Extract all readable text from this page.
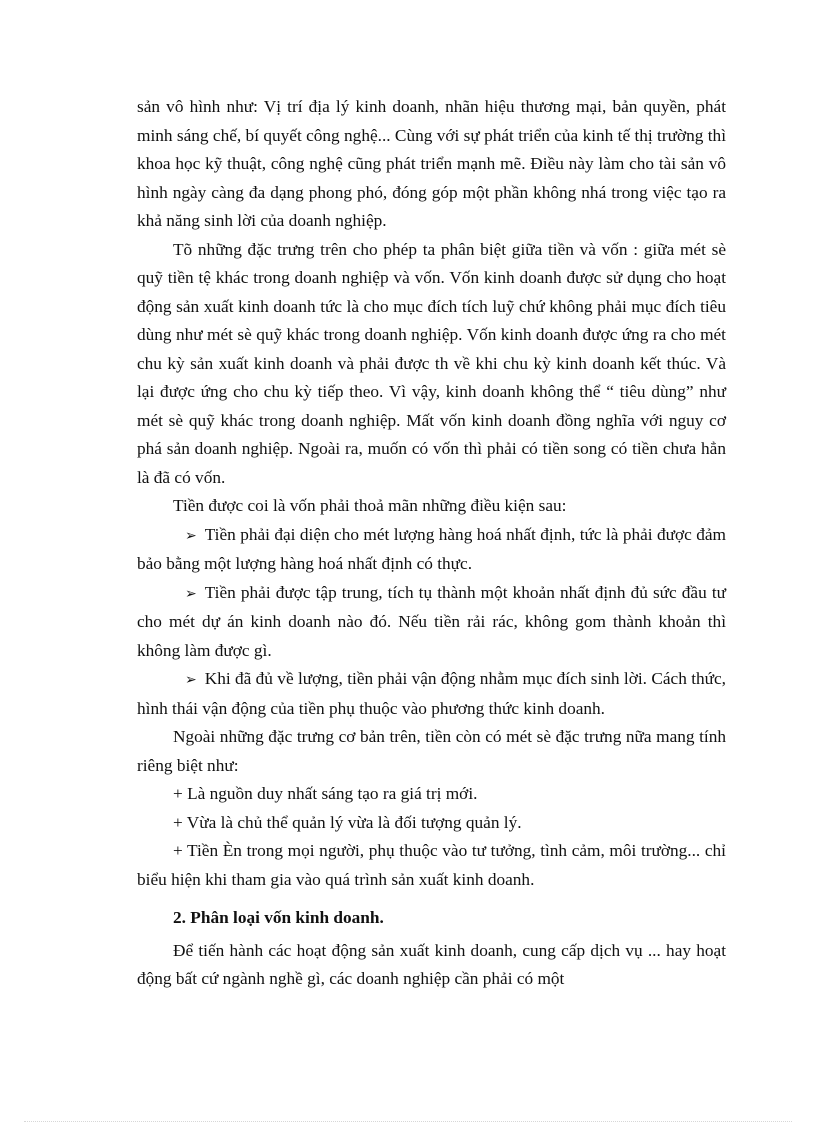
sản vô hình như: Vị trí địa lý kinh doanh, nhãn hiệu thương mại, bản quyền, phát minh sáng chế, bí quyết công nghệ... Cùng với sự phát triển của kinh tế thị trường thì khoa học kỹ thuật, công nghệ cũng phát triển mạnh mẽ. Điều này làm cho tài sản vô hình ngày càng đa dạng phong phó, đóng góp một phần không nhá trong việc tạo ra khả năng sinh lời của doanh nghiệp.

Tõ những đặc trưng trên cho phép ta phân biệt giữa tiền và vốn : giữa mét sè quỹ tiền tệ khác trong doanh nghiệp và vốn. Vốn kinh doanh được sử dụng cho hoạt động sản xuất kinh doanh tức là cho mục đích tích luỹ chứ không phải mục đích tiêu dùng như mét sè quỹ khác trong doanh nghiệp. Vốn kinh doanh được ứng ra cho mét chu kỳ sản xuất kinh doanh và phải được th về khi chu kỳ kinh doanh kết thúc. Và lại được ứng cho chu kỳ tiếp theo. Vì vậy, kinh doanh không thể “ tiêu dùng” như mét sè quỹ khác trong doanh nghiệp. Mất vốn kinh doanh đồng nghĩa với nguy cơ phá sản doanh nghiệp. Ngoài ra, muốn có vốn thì phải có tiền song có tiền chưa hẳn là đã có vốn.

Tiền được coi là vốn phải thoả mãn những điều kiện sau:

➢ Tiền phải đại diện cho mét lượng hàng hoá nhất định, tức là phải được đảm bảo bằng một lượng hàng hoá nhất định có thực.

➢ Tiền phải được tập trung, tích tụ thành một khoản nhất định đủ sức đầu tư cho mét dự án kinh doanh nào đó. Nếu tiền rải rác, không gom thành khoản thì không làm được gì.

➢ Khi đã đủ về lượng, tiền phải vận động nhằm mục đích sinh lời. Cách thức, hình thái vận động của tiền phụ thuộc vào phương thức kinh doanh.

Ngoài những đặc trưng cơ bản trên, tiền còn có mét sè đặc trưng nữa mang tính riêng biệt như:

+ Là nguồn duy nhất sáng tạo ra giá trị mới.

+ Vừa là chủ thể quản lý vừa là đối tượng quản lý.

+ Tiền Èn trong mọi người, phụ thuộc vào tư tưởng, tình cảm, môi trường... chỉ biểu hiện khi tham gia vào quá trình sản xuất kinh doanh.

2. Phân loại vốn kinh doanh.

Để tiến hành các hoạt động sản xuất kinh doanh, cung cấp dịch vụ ... hay hoạt động bất cứ ngành nghề gì, các doanh nghiệp cần phải có một
